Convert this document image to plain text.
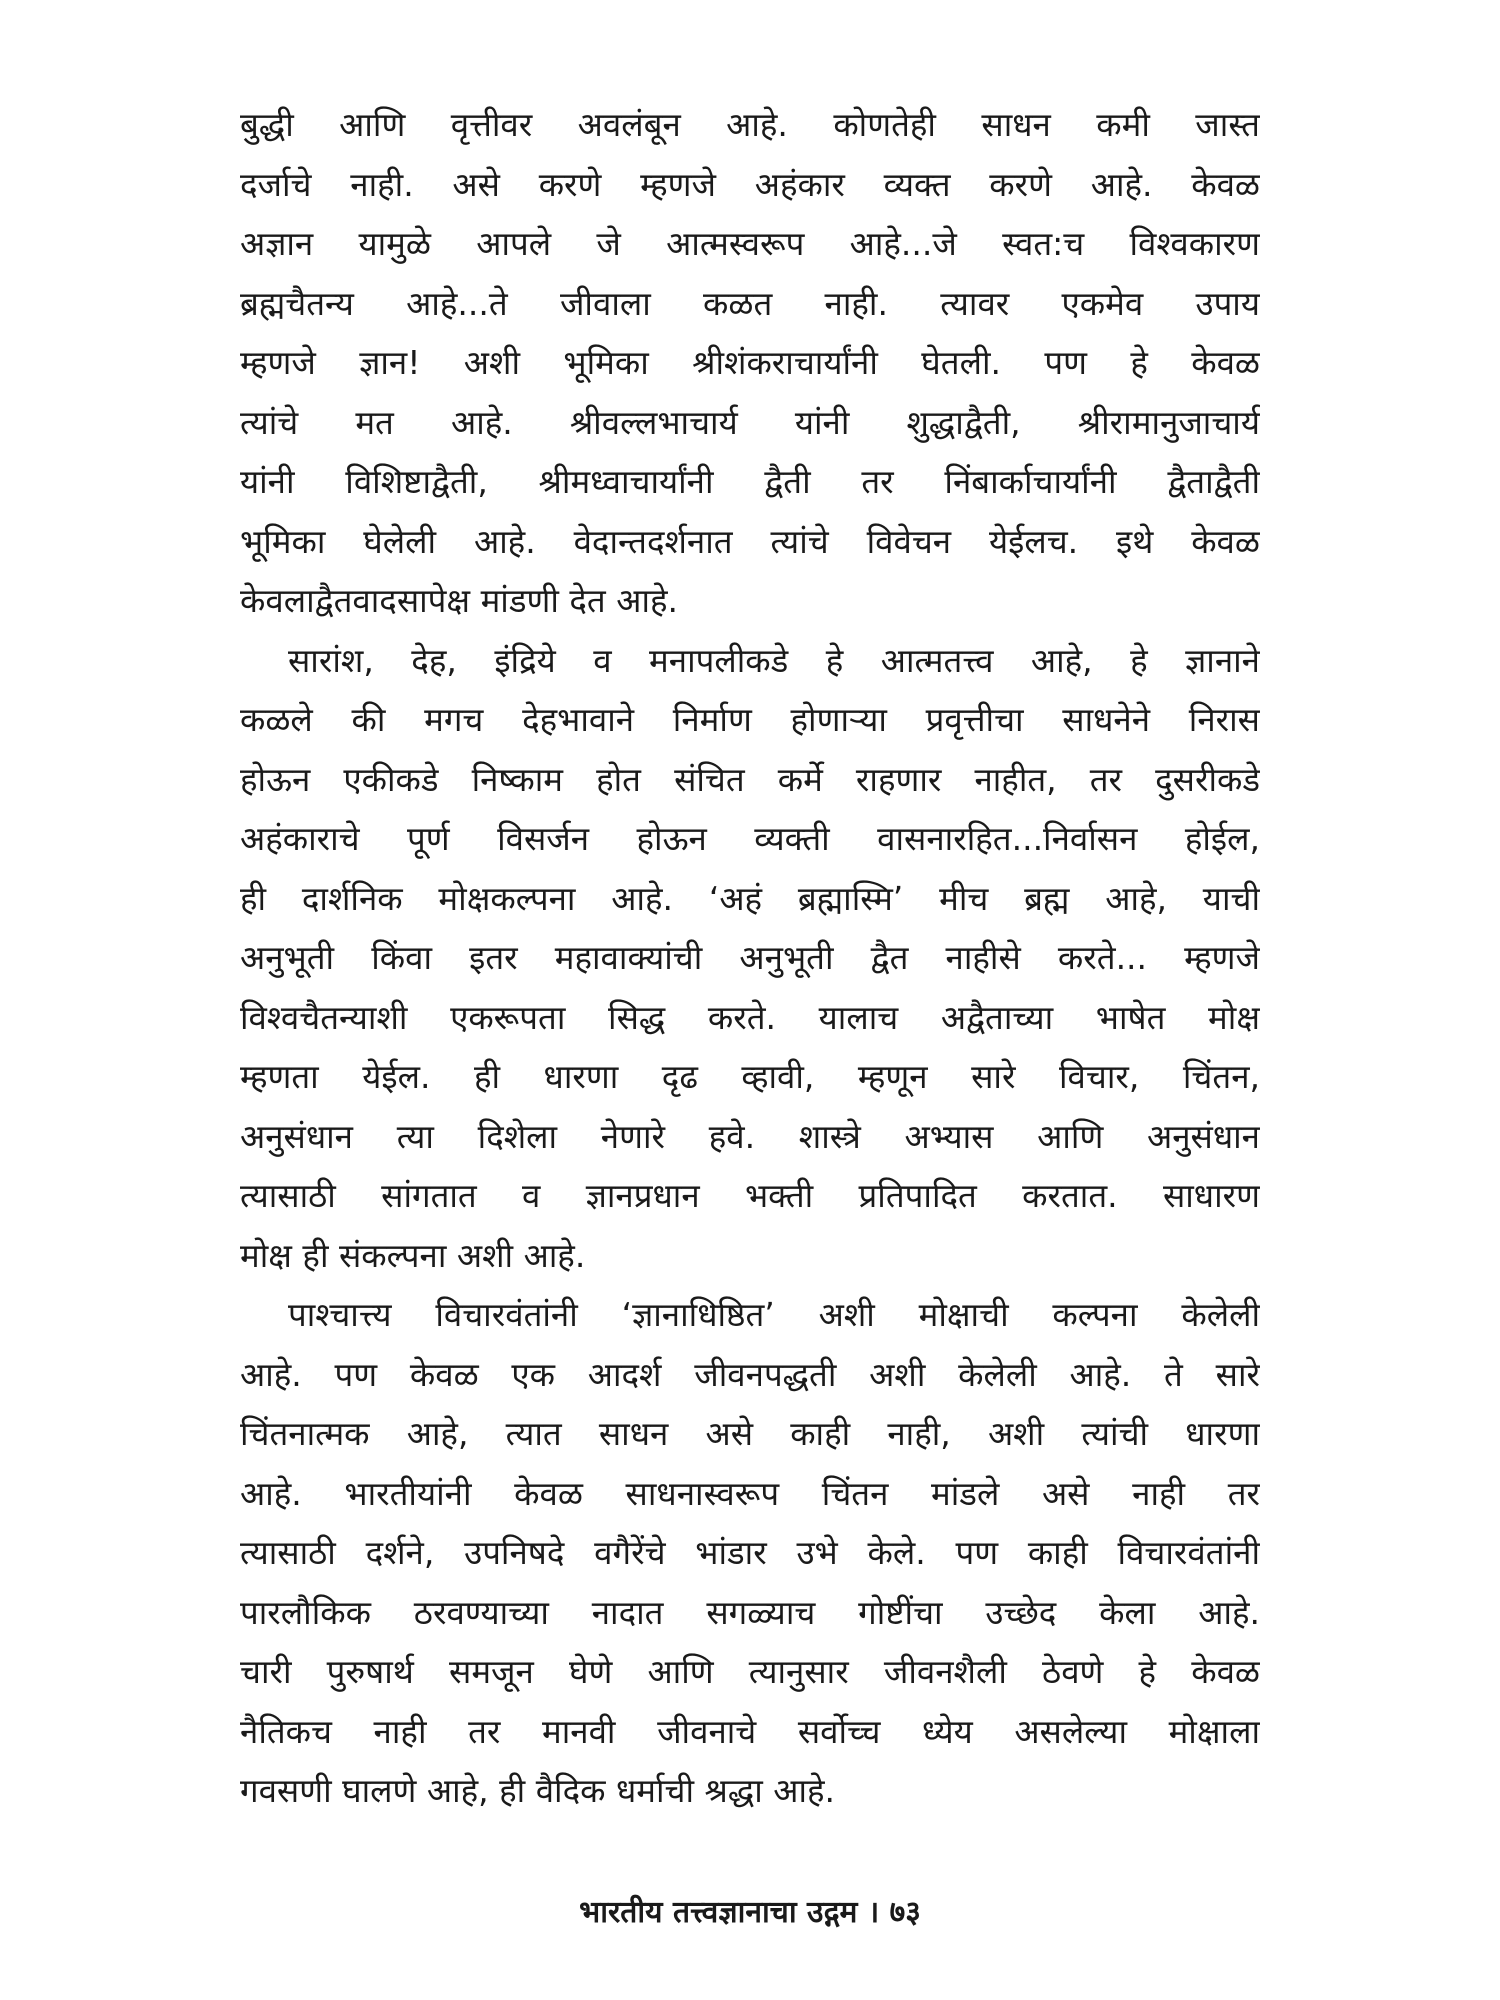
बुद्धी आणि वृत्तीवर अवलंबून आहे. कोणतेही साधन कमी जास्त
दर्जाचे नाही. असे करणे म्हणजे अहंकार व्यक्त करणे आहे. केवळ
अज्ञान यामुळे आपले जे आत्मस्वरूप आहे...जे स्वत:च विश्वकारण
ब्रह्मचैतन्य आहे...ते जीवाला कळत नाही. त्यावर एकमेव उपाय
म्हणजे ज्ञान! अशी भूमिका श्रीशंकराचार्यांनी घेतली. पण हे केवळ
त्यांचे मत आहे. श्रीवल्लभाचार्य यांनी शुद्धाद्वैती, श्रीरामानुजाचार्य
यांनी विशिष्टाद्वैती, श्रीमध्वाचार्यांनी द्वैती तर निंबार्काचार्यांनी द्वैताद्वैती
भूमिका घेलेली आहे. वेदान्तदर्शनात त्यांचे विवेचन येईलच. इथे केवळ
केवलाद्वैतवादसापेक्ष मांडणी देत आहे.
सारांश, देह, इंद्रिये व मनापलीकडे हे आत्मतत्त्व आहे, हे ज्ञानाने
कळले की मगच देहभावाने निर्माण होणाऱ्या प्रवृत्तीचा साधनेने निरास
होऊन एकीकडे निष्काम होत संचित कर्मे राहणार नाहीत, तर दुसरीकडे
अहंकाराचे पूर्ण विसर्जन होऊन व्यक्ती वासनारहित...निर्वासन होईल,
ही दार्शनिक मोक्षकल्पना आहे. ‘अहं ब्रह्मास्मि’ मीच ब्रह्म आहे, याची
अनुभूती किंवा इतर महावाक्यांची अनुभूती द्वैत नाहीसे करते... म्हणजे
विश्वचैतन्याशी एकरूपता सिद्ध करते. यालाच अद्वैताच्या भाषेत मोक्ष
म्हणता येईल. ही धारणा दृढ व्हावी, म्हणून सारे विचार, चिंतन,
अनुसंधान त्या दिशेला नेणारे हवे. शास्त्रे अभ्यास आणि अनुसंधान
त्यासाठी सांगतात व ज्ञानप्रधान भक्ती प्रतिपादित करतात. साधारण
मोक्ष ही संकल्पना अशी आहे.
पाश्चात्त्य विचारवंतांनी ‘ज्ञानाधिष्ठित’ अशी मोक्षाची कल्पना केलेली
आहे. पण केवळ एक आदर्श जीवनपद्धती अशी केलेली आहे. ते सारे
चिंतनात्मक आहे, त्यात साधन असे काही नाही, अशी त्यांची धारणा
आहे. भारतीयांनी केवळ साधनास्वरूप चिंतन मांडले असे नाही तर
त्यासाठी दर्शने, उपनिषदे वगैरेंचे भांडार उभे केले. पण काही विचारवंतांनी
पारलौकिक ठरवण्याच्या नादात सगळ्याच गोष्टींचा उच्छेद केला आहे.
चारी पुरुषार्थ समजून घेणे आणि त्यानुसार जीवनशैली ठेवणे हे केवळ
नैतिकच नाही तर मानवी जीवनाचे सर्वोच्च ध्येय असलेल्या मोक्षाला
गवसणी घालणे आहे, ही वैदिक धर्माची श्रद्धा आहे.
भारतीय तत्त्वज्ञानाचा उद्गम । ७३
